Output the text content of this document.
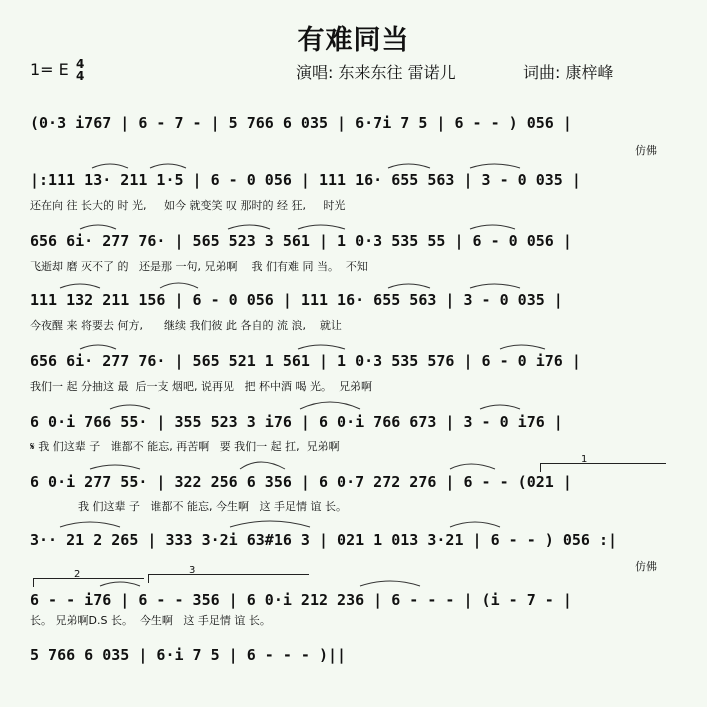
有难同当
1= E 4
4	演唱: 东来东往 雷诺儿	词曲: 康梓峰
(0·3 i767 | 6 - 7 - | 5 766 6 035 | 6·7i 7 5 | 6 - - ) 056 |
仿佛
|:111 13· 211 1·5 | 6 - 0 056 | 111 16· 655 563 | 3 - 0 035 |
还在向 往 长大的 时 光,     如今 就变笑 叹 那时的 经 狂,     时光
656 6i· 277 76· | 565 523 3 561 | 1 0·3 535 55 | 6 - 0 056 |
飞逝却 磨 灭不了 的   还是那 一句, 兄弟啊    我 们有难 同 当。  不知
111 132 211 156 | 6 - 0 056 | 111 16· 655 563 | 3 - 0 035 |
今夜醒 来 将要去 何方,      继续 我们彼 此 各自的 流 浪,    就让
656 6i· 277 76· | 565 521 1 561 | 1 0·3 535 576 | 6 - 0 i76 |
我们一 起 分抽这 最  后一支 烟吧, 说再见   把 杯中酒 喝 光。  兄弟啊
6 0·i 766 55· | 355 523 3 i76 | 6 0·i 766 673 | 3 - 0 i76 |
𝄋 我 们这辈 子   谁都不 能忘, 再苦啊   要 我们一 起 扛,  兄弟啊
1
6 0·i 277 55· | 322 256 6 356 | 6 0·7 272 276 | 6 - - (021 |
我 们这辈 子   谁都不 能忘, 今生啊   这 手足情 谊 长。
3·· 21 2 265 | 333 3·2i 63#16 3 | 021 1 013 3·21 | 6 - - ) 056 :|
仿佛
2	3
6 - - i76 | 6 - - 356 | 6 0·i 212 236 | 6 - - - | (i - 7 - |
长。 兄弟啊D.S 长。  今生啊   这 手足情 谊 长。
5 766 6 035 | 6·i 7 5 | 6 - - - )||
